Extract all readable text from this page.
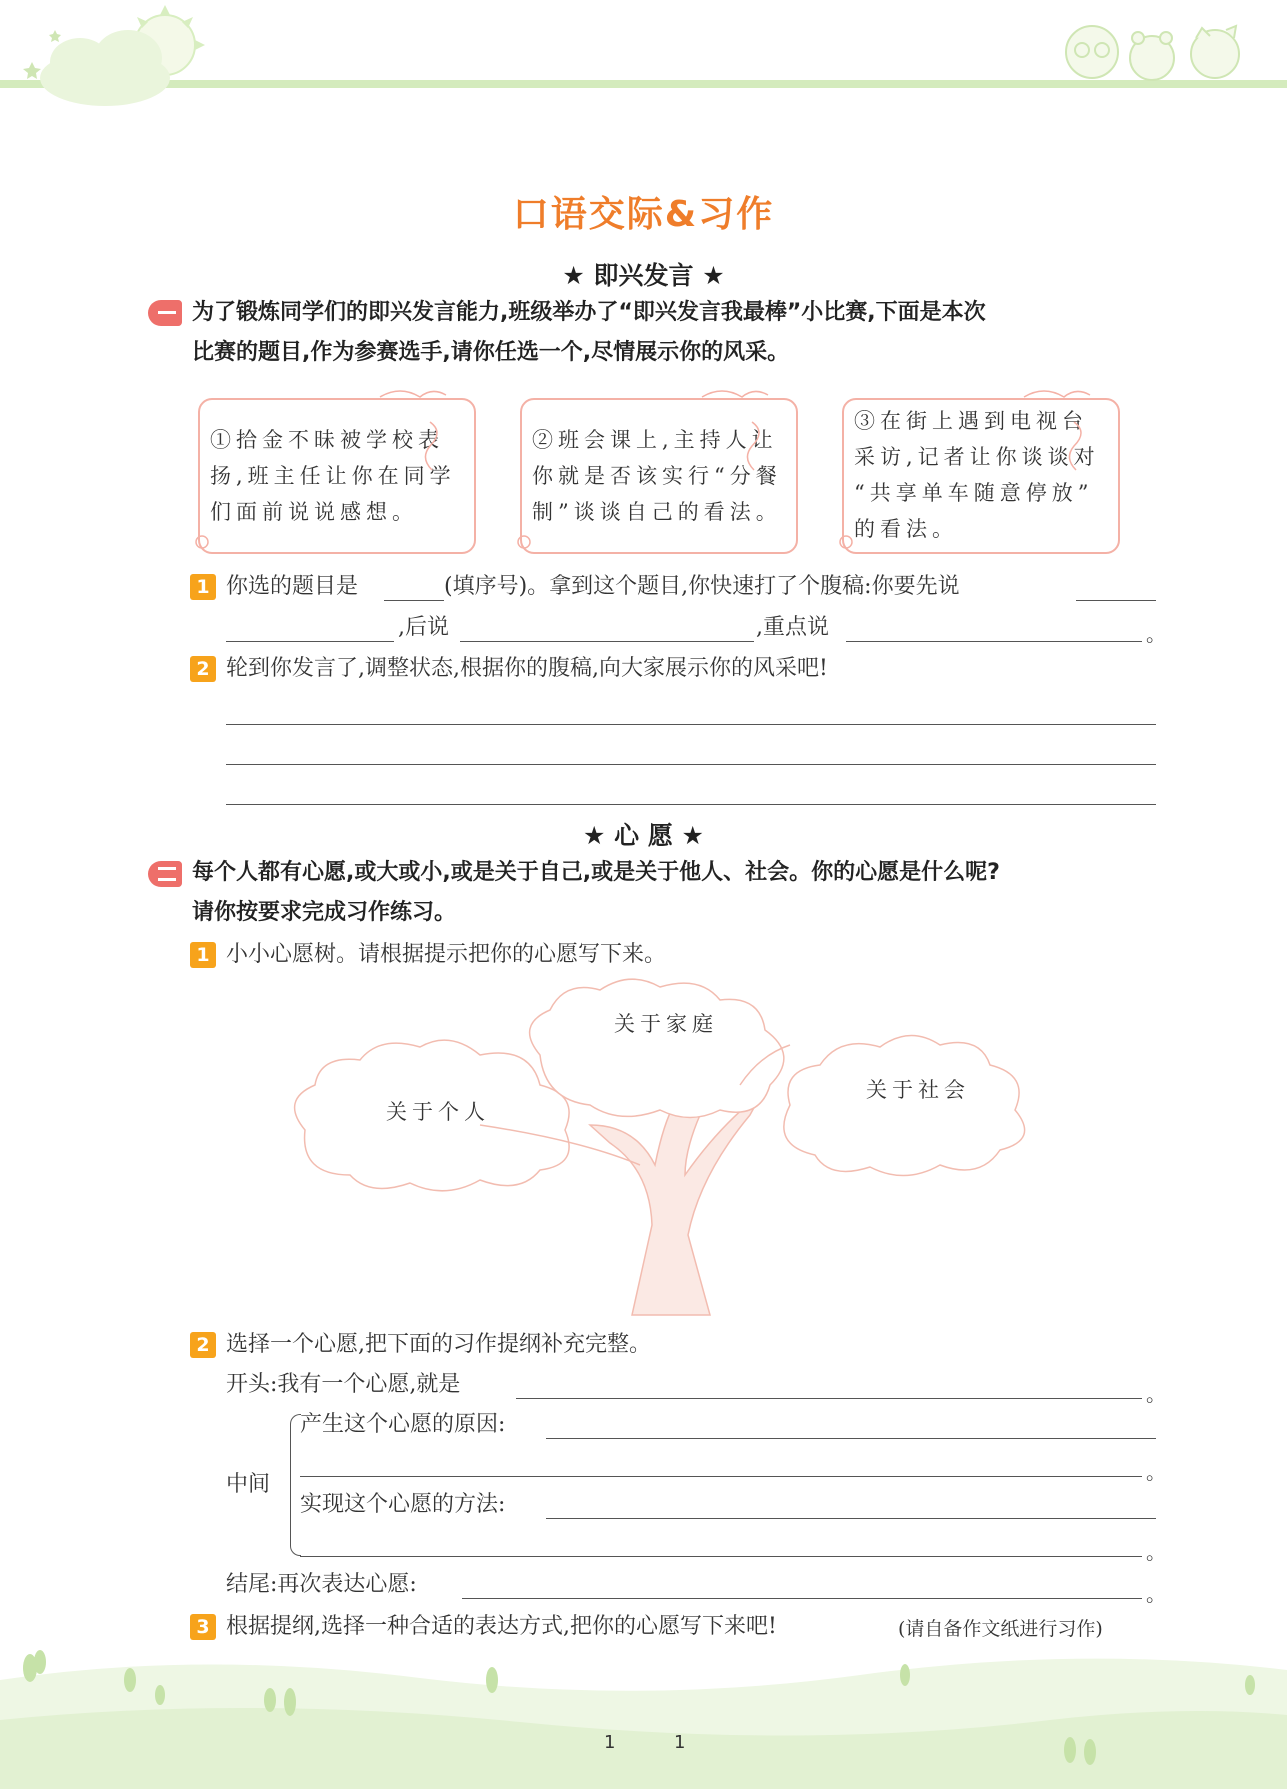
口语交际&习作
★ 即兴发言 ★
为了锻炼同学们的即兴发言能力,班级举办了“即兴发言我最棒”小比赛,下面是本次
比赛的题目,作为参赛选手,请你任选一个,尽情展示你的风采。
①拾金不昧被学校表
扬,班主任让你在同学
们面前说说感想。
②班会课上,主持人让
你就是否该实行“分餐
制”谈谈自己的看法。
③在街上遇到电视台
采访,记者让你谈谈对
“共享单车随意停放”
的看法。
1 你选的题目是	(填序号)。拿到这个题目,你快速打了个腹稿:你要先说
,后说	,重点说	。
2 轮到你发言了,调整状态,根据你的腹稿,向大家展示你的风采吧!
★ 心 愿 ★
每个人都有心愿,或大或小,或是关于自己,或是关于他人、社会。你的心愿是什么呢?
请你按要求完成习作练习。
1 小小心愿树。请根据提示把你的心愿写下来。
关于个人
关于家庭
关于社会
2 选择一个心愿,把下面的习作提纲补充完整。
开头:我有一个心愿,就是	。
中间
产生这个心愿的原因:
。
实现这个心愿的方法:
。
结尾:再次表达心愿:	。
3 根据提纲,选择一种合适的表达方式,把你的心愿写下来吧!	(请自备作文纸进行习作)
1	1
